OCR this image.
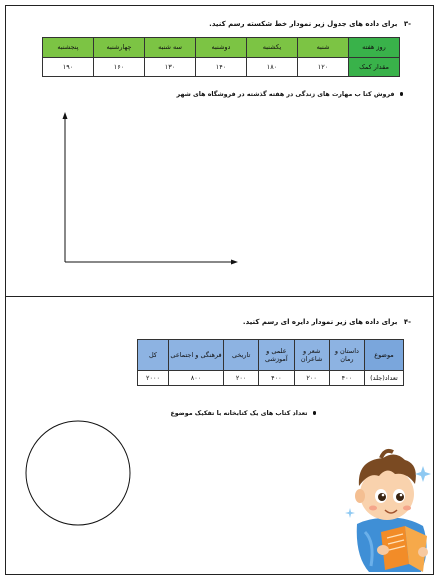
-۳ برای داده های جدول زیر نمودار خط شکسته رسم کنید.
روز هفته	شنبه	یکشنبه	دوشنبه	سه شنبه	چهارشنبه	پنجشنبه
مقدار کمک	۱۲۰	۱۸۰	۱۴۰	۱۳۰	۱۶۰	۱۹۰
فروش کتا ب مهارت های زندگی در هفته گذشته در فروشگاه های شهر
-۴ برای داده های زیر نمودار دایره ای رسم کنید.
موضوع	داستان و رمان	شعر و شاعران	علمی و آموزشی	تاریخی	فرهنگی و اجتماعی	کل
تعداد(جلد)	۴۰۰	۲۰۰	۴۰۰	۲۰۰	۸۰۰	۲۰۰۰
تعداد کتاب های یک کتابخانه با تفکیک موضوع
